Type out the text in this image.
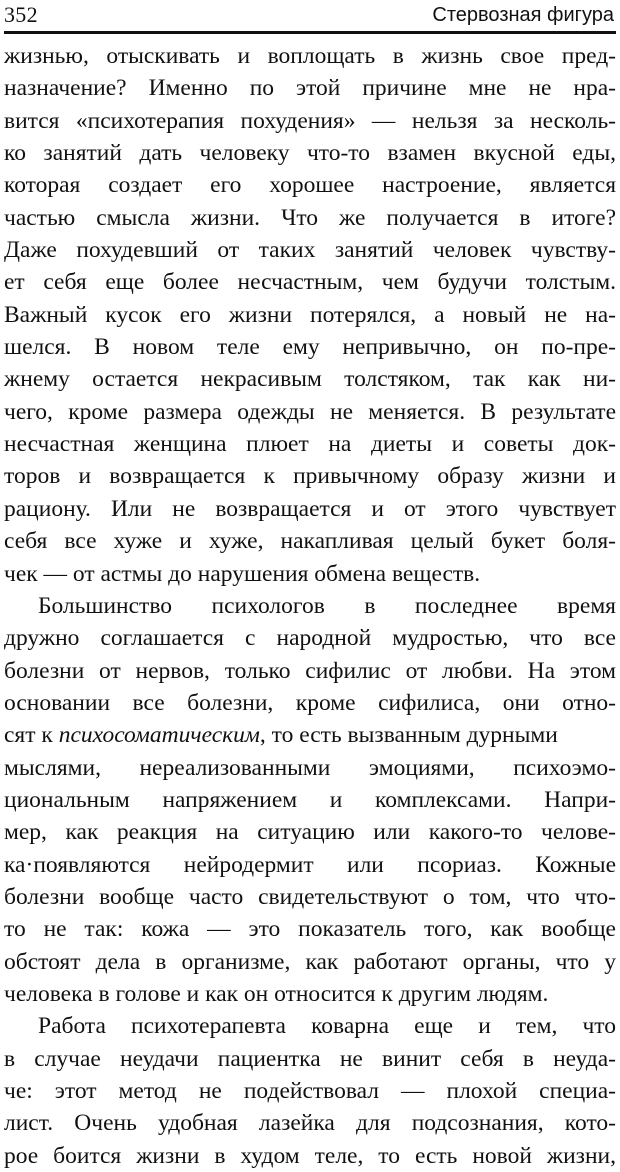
352	Стервозная фигура
жизнью, отыскивать и воплощать в жизнь свое пред-
назначение? Именно по этой причине мне не нра-
вится «психотерапия похудения» — нельзя за несколь-
ко занятий дать человеку что-то взамен вкусной еды,
которая создает его хорошее настроение, является
частью смысла жизни. Что же получается в итоге?
Даже похудевший от таких занятий человек чувству-
ет себя еще более несчастным, чем будучи толстым.
Важный кусок его жизни потерялся, а новый не на-
шелся. В новом теле ему непривычно, он по-пре-
жнему остается некрасивым толстяком, так как ни-
чего, кроме размера одежды не меняется. В результате
несчастная женщина плюет на диеты и советы док-
торов и возвращается к привычному образу жизни и
рациону. Или не возвращается и от этого чувствует
себя все хуже и хуже, накапливая целый букет боля-
чек — от астмы до нарушения обмена веществ.
Большинство психологов в последнее время
дружно соглашается с народной мудростью, что все
болезни от нервов, только сифилис от любви. На этом
основании все болезни, кроме сифилиса, они отно-
сят к психосоматическим, то есть вызванным дурными
мыслями, нереализованными эмоциями, психоэмо-
циональным напряжением и комплексами. Напри-
мер, как реакция на ситуацию или какого-то челове-
ка·появляются нейродермит или псориаз. Кожные
болезни вообще часто свидетельствуют о том, что что-
то не так: кожа — это показатель того, как вообще
обстоят дела в организме, как работают органы, что у
человека в голове и как он относится к другим людям.
Работа психотерапевта коварна еще и тем, что
в случае неудачи пациентка не винит себя в неуда-
че: этот метод не подействовал — плохой специа-
лист. Очень удобная лазейка для подсознания, кото-
рое боится жизни в худом теле, то есть новой жизни,
